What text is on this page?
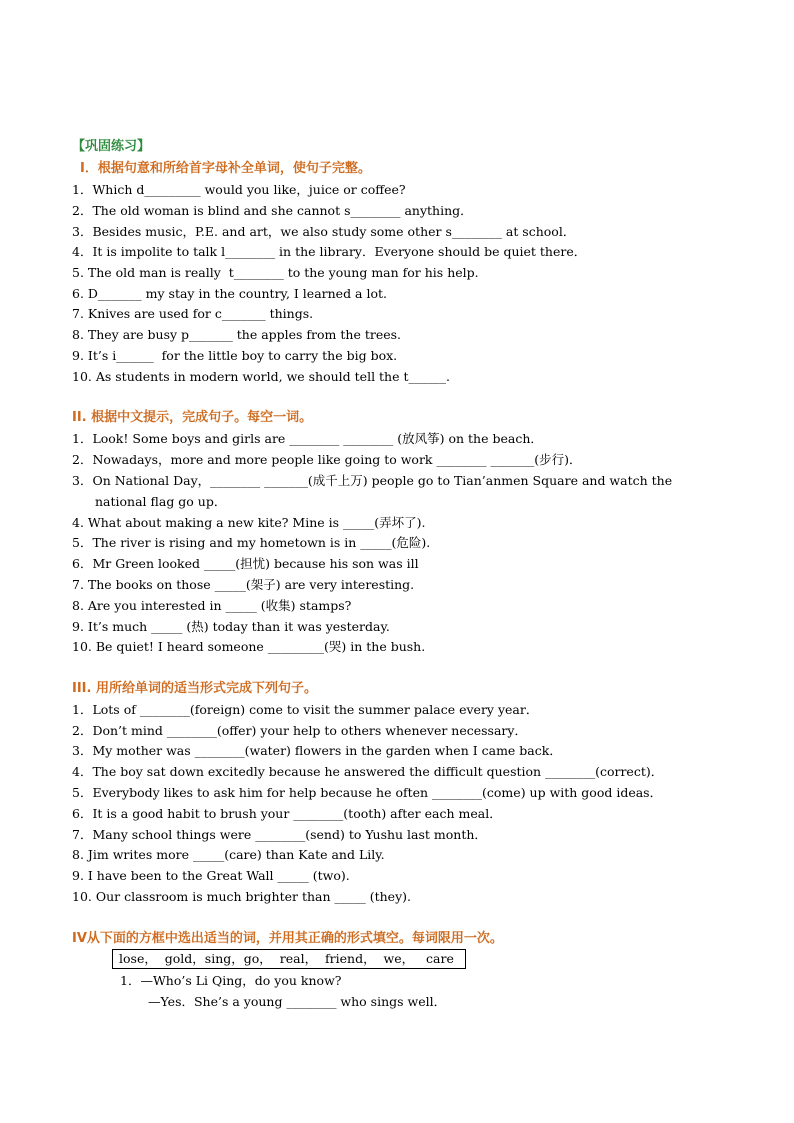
【巩固练习】
I．根据句意和所给首字母补全单词，使句子完整。
1．Which d_________ would you like，juice or coffee?
2．The old woman is blind and she cannot s________ anything．
3．Besides music，P.E. and art，we also study some other s________ at school．
4．It is impolite to talk l________ in the library．Everyone should be quiet there．
5. The old man is really  t________ to the young man for his help.
6. D_______ my stay in the country, I learned a lot.
7. Knives are used for c_______ things.
8. They are busy p_______ the apples from the trees.
9. It’s i______  for the little boy to carry the big box.
10. As students in modern world, we should tell the t______.
II. 根据中文提示，完成句子。每空一词。
1．Look! Some boys and girls are ________ ________ (放风筝) on the beach．
2．Nowadays，more and more people like going to work ________ _______(步行)．
3．On National Day，________ _______(成千上万) people go to Tian’anmen Square and watch the
national flag go up．
4. What about making a new kite? Mine is _____(弄坏了).
5．The river is rising and my hometown is in _____(危险).
6．Mr Green looked _____(担忧) because his son was ill
7. The books on those _____(架子) are very interesting.
8. Are you interested in _____ (收集) stamps?
9. It’s much _____ (热) today than it was yesterday.
10. Be quiet! I heard someone _________(哭) in the bush.
III. 用所给单词的适当形式完成下列句子。
1．Lots of ________(foreign) come to visit the summer palace every year．
2．Don’t mind ________(offer) your help to others whenever necessary．
3．My mother was ________(water) flowers in the garden when I came back．
4．The boy sat down excitedly because he answered the difficult question ________(correct)．
5．Everybody likes to ask him for help because he often ________(come) up with good ideas．
6．It is a good habit to brush your ________(tooth) after each meal．
7．Many school things were ________(send) to Yushu last month．
8. Jim writes more _____(care) than Kate and Lily.
9. I have been to the Great Wall _____ (two).
10. Our classroom is much brighter than _____ (they).
IV从下面的方框中选出适当的词，并用其正确的形式填空。每词限用一次。
lose，  gold，sing，go，  real，  friend，  we，   care
1．—Who’s Li Qing，do you know?
—Yes．She’s a young ________ who sings well．
